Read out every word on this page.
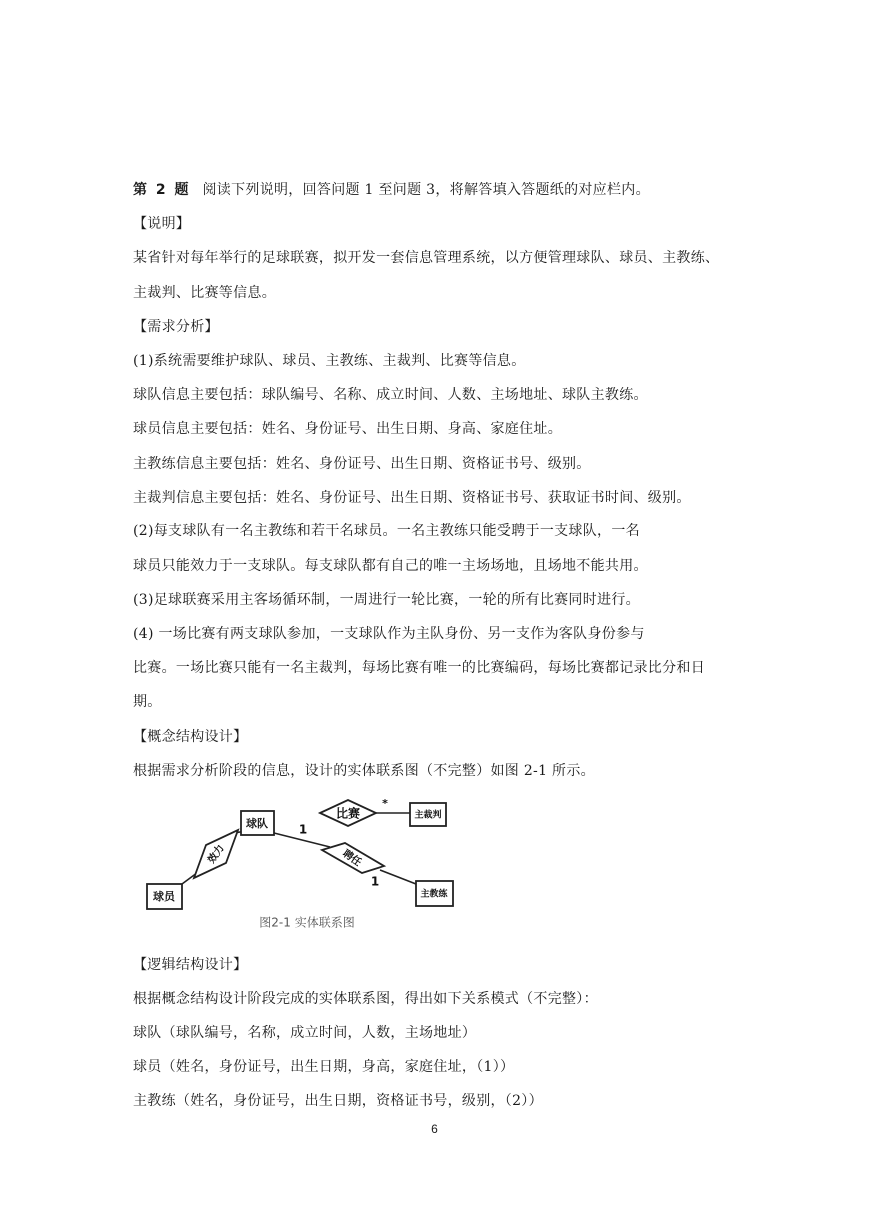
第 2 题 阅读下列说明，回答问题 1 至问题 3，将解答填入答题纸的对应栏内。
【说明】
某省针对每年举行的足球联赛，拟开发一套信息管理系统，以方便管理球队、球员、主教练、
主裁判、比赛等信息。
【需求分析】
(1)系统需要维护球队、球员、主教练、主裁判、比赛等信息。
球队信息主要包括：球队编号、名称、成立时间、人数、主场地址、球队主教练。
球员信息主要包括：姓名、身份证号、出生日期、身高、家庭住址。
主教练信息主要包括：姓名、身份证号、出生日期、资格证书号、级别。
主裁判信息主要包括：姓名、身份证号、出生日期、资格证书号、获取证书时间、级别。
(2)每支球队有一名主教练和若干名球员。一名主教练只能受聘于一支球队，一名
球员只能效力于一支球队。每支球队都有自己的唯一主场场地，且场地不能共用。
(3)足球联赛采用主客场循环制，一周进行一轮比赛，一轮的所有比赛同时进行。
(4) 一场比赛有两支球队参加，一支球队作为主队身份、另一支作为客队身份参与
比赛。一场比赛只能有一名主裁判，每场比赛有唯一的比赛编码，每场比赛都记录比分和日
期。
【概念结构设计】
根据需求分析阶段的信息，设计的实体联系图（不完整）如图 2-1 所示。
球队
球员
主裁判
主教练
比赛
效力	聘任
1
1
*
图2-1 实体联系图
【逻辑结构设计】
根据概念结构设计阶段完成的实体联系图，得出如下关系模式（不完整）：
球队（球队编号，名称，成立时间，人数，主场地址）
球员（姓名，身份证号，出生日期，身高，家庭住址，（1））
主教练（姓名，身份证号，出生日期，资格证书号，级别，（2））
6
